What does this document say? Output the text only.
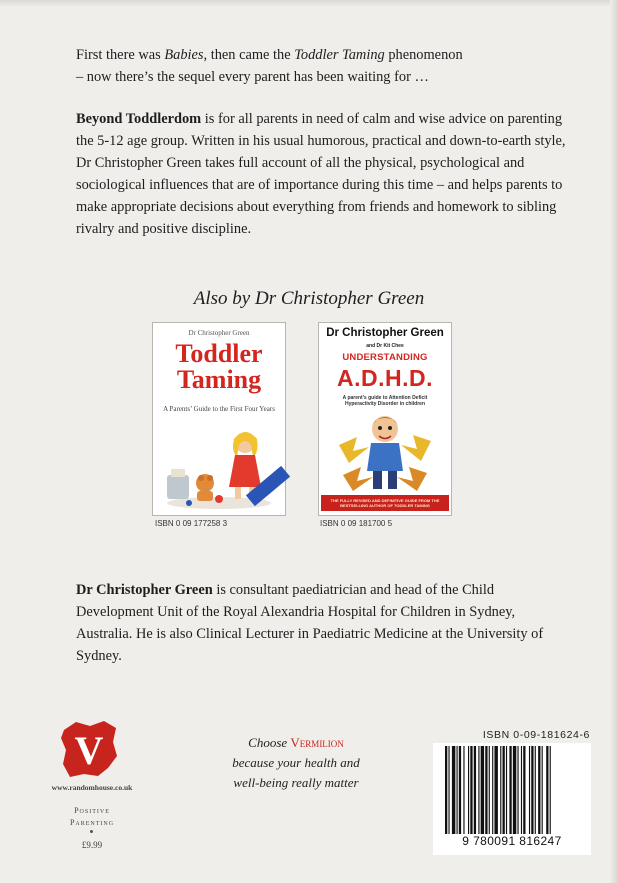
First there was Babies, then came the Toddler Taming phenomenon
– now there’s the sequel every parent has been waiting for …

Beyond Toddlerdom is for all parents in need of calm and wise advice on parenting the 5-12 age group. Written in his usual humorous, practical and down-to-earth style, Dr Christopher Green takes full account of all the physical, psychological and sociological influences that are of importance during this time – and helps parents to make appropriate decisions about everything from friends and homework to sibling rivalry and positive discipline.

Also by Dr Christopher Green

Dr Christopher Green
Toddler
Taming
A Parents’ Guide to the First Four Years
ISBN 0 09 177258 3
Dr Christopher Green
and Dr Kit Chee
UNDERSTANDING
A.D.H.D.
A parent’s guide to Attention Deficit Hyperactivity Disorder in children
THE FULLY REVISED AND DEFINITIVE GUIDE FROM THE BESTSELLING AUTHOR OF TODDLER TAMING
ISBN 0 09 181700 5

Dr Christopher Green is consultant paediatrician and head of the Child Development Unit of the Royal Alexandria Hospital for Children in Sydney, Australia. He is also Clinical Lecturer in Paediatric Medicine at the University of Sydney.

V
www.randomhouse.co.uk
Positive
Parenting
£9.99
Choose Vermilion
because your health and
well-being really matter
ISBN 0-09-181624-6
9 780091 816247
